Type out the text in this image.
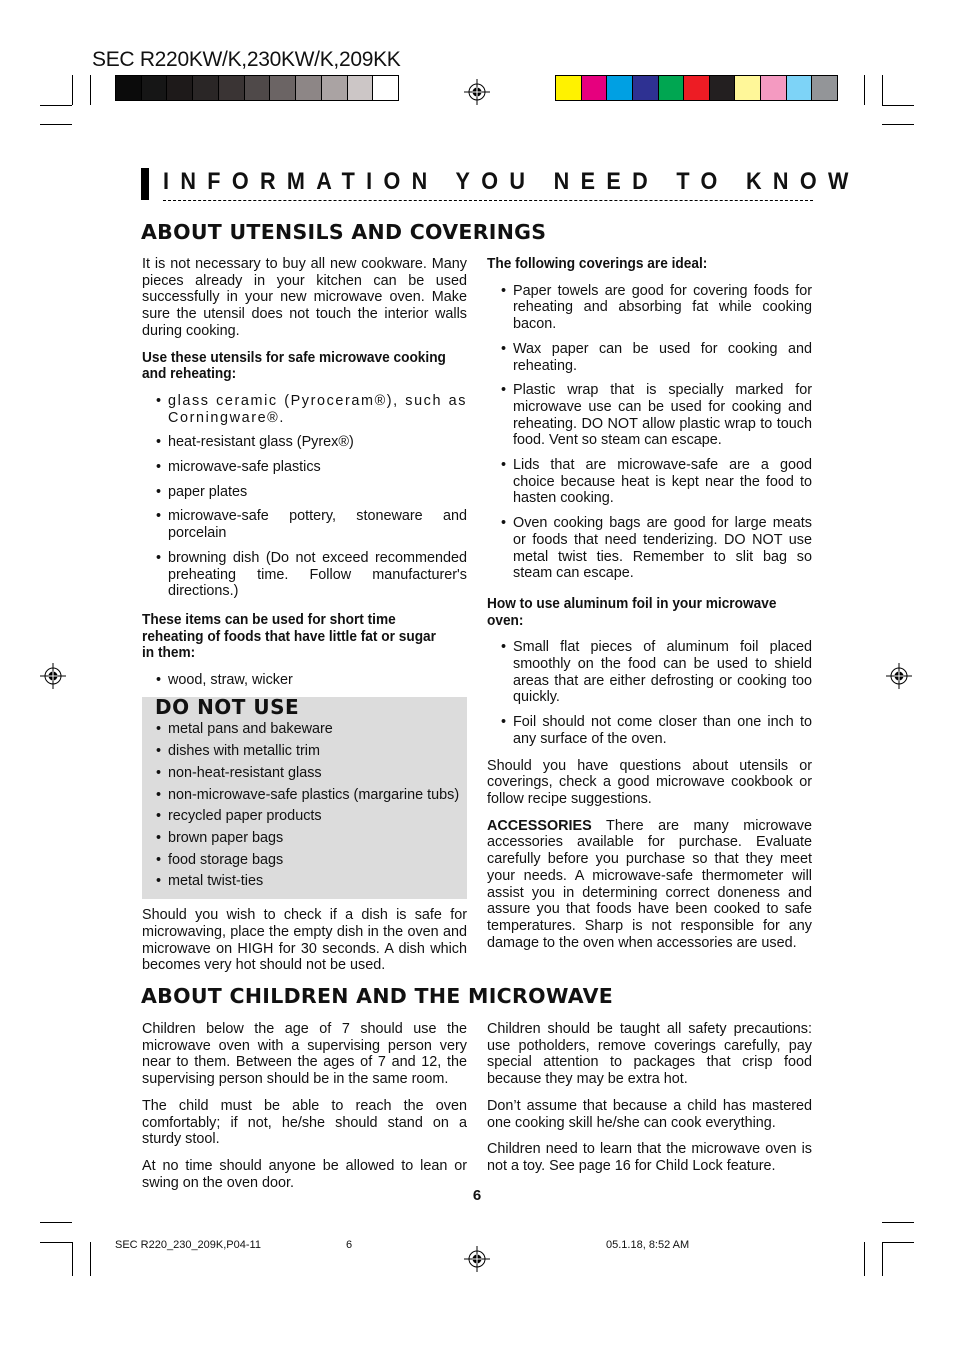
SEC R220KW/K,230KW/K,209KK
INFORMATION YOU NEED TO KNOW
ABOUT UTENSILS AND COVERINGS

It is not necessary to buy all new cookware. Many pieces already in your kitchen can be used successfully in your new microwave oven. Make sure the utensil does not touch the interior walls during cooking.

Use these utensils for safe microwave cooking and reheating:
• glass ceramic (Pyroceram®), such as Corningware®.
• heat-resistant glass (Pyrex®)
• microwave-safe plastics
• paper plates
• microwave-safe pottery, stoneware and porcelain
• browning dish (Do not exceed recommended preheating time. Follow manufacturer's directions.)
These items can be used for short time reheating of foods that have little fat or sugar in them:
• wood, straw, wicker
DO NOT USE
• metal pans and bakeware
• dishes with metallic trim
• non-heat-resistant glass
• non-microwave-safe plastics (margarine tubs)
• recycled paper products
• brown paper bags
• food storage bags
• metal twist-ties

Should you wish to check if a dish is safe for microwaving, place the empty dish in the oven and microwave on HIGH for 30 seconds. A dish which becomes very hot should not be used.

The following coverings are ideal:
• Paper towels are good for covering foods for reheating and absorbing fat while cooking bacon.
• Wax paper can be used for cooking and reheating.
• Plastic wrap that is specially marked for microwave use can be used for cooking and reheating. DO NOT allow plastic wrap to touch food. Vent so steam can escape.
• Lids that are microwave-safe are a good choice because heat is kept near the food to hasten cooking.
• Oven cooking bags are good for large meats or foods that need tenderizing. DO NOT use metal twist ties. Remember to slit bag so steam can escape.
How to use aluminum foil in your microwave oven:
• Small flat pieces of aluminum foil placed smoothly on the food can be used to shield areas that are either defrosting or cooking too quickly.
• Foil should not come closer than one inch to any surface of the oven.

Should you have questions about utensils or coverings, check a good microwave cookbook or follow recipe suggestions.

ACCESSORIES There are many microwave accessories available for purchase. Evaluate carefully before you purchase so that they meet your needs. A microwave-safe thermometer will assist you in determining correct doneness and assure you that foods have been cooked to safe temperatures. Sharp is not responsible for any damage to the oven when accessories are used.

ABOUT CHILDREN AND THE MICROWAVE

Children below the age of 7 should use the microwave oven with a supervising person very near to them. Between the ages of 7 and 12, the supervising person should be in the same room.

The child must be able to reach the oven comfortably; if not, he/she should stand on a sturdy stool.

At no time should anyone be allowed to lean or swing on the oven door.

Children should be taught all safety precautions: use potholders, remove coverings carefully, pay special attention to packages that crisp food because they may be extra hot.

Don’t assume that because a child has mastered one cooking skill he/she can cook everything.

Children need to learn that the microwave oven is not a toy. See page 16 for Child Lock feature.

6
SEC R220_230_209K,P04-11	6	05.1.18, 8:52 AM
